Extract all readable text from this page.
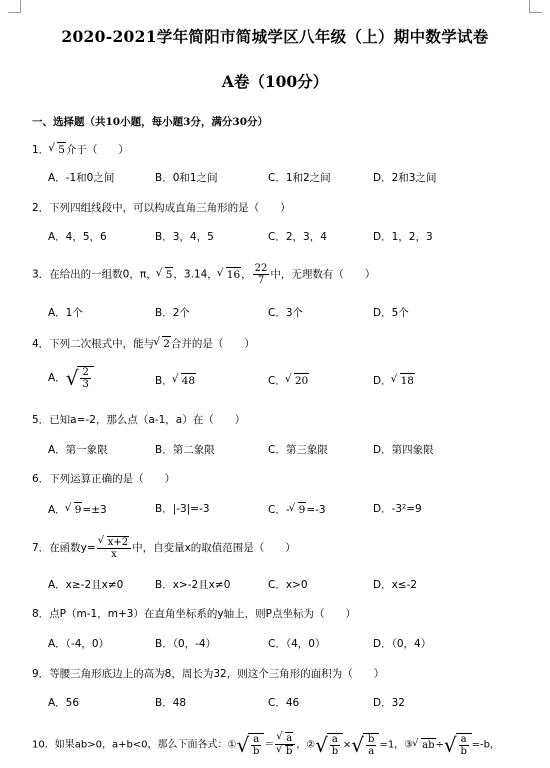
2020-2021学年简阳市简城学区八年级（上）期中数学试卷
A卷（100分）
一、选择题（共10小题，每小题3分，满分30分）
1． √ 5介于（　　）
A．-1和0之间	B．0和1之间	C．1和2之间	D．2和3之间
2．下列四组线段中，可以构成直角三角形的是（　　）
A．4，5，6	B．3，4，5	C．2，3，4	D．1，2，3
3．在给出的一组数0，π， √ 5，3.14， √ 16， $\frac{22}{7}$ 中，无理数有（　　）
A．1个	B．2个	C．3个	D．5个
4．下列二次根式中，能与 √ 2合并的是（　　）
A． √ $\frac{2}{3}$	B． √ 48	C． √ 20	D． √ 18
5．已知a=-2，那么点（a-1，a）在（　　）
A．第一象限	B．第二象限	C．第三象限	D．第四象限
6．下列运算正确的是（　　）
A． √ 9=±3	B．|-3|=-3	C．- √ 9=-3	D．-3²=9
7．在函数y= √ $\frac{x+2}{x}$ 中，自变量x的取值范围是（　　）
A．x≥-2且x≠0	B．x>-2且x≠0	C．x>0	D．x≤-2
8．点P（m-1，m+3）在直角坐标系的y轴上，则P点坐标为（　　）
A．（-4，0）	B．（0，-4）	C．（4，0）	D．（0，4）
9．等腰三角形底边上的高为8，周长为32，则这个三角形的面积为（　　）
A．56	B．48	C．46	D．32
10．如果ab>0，a+b<0，那么下面各式：① √ $\frac{a}{b}$ ＝ √ a
√ b ，② √ $\frac{a}{b}$ × √ $\frac{b}{a} =1$，③ √ ab÷ √ $\frac{a}{b} =-b$，
